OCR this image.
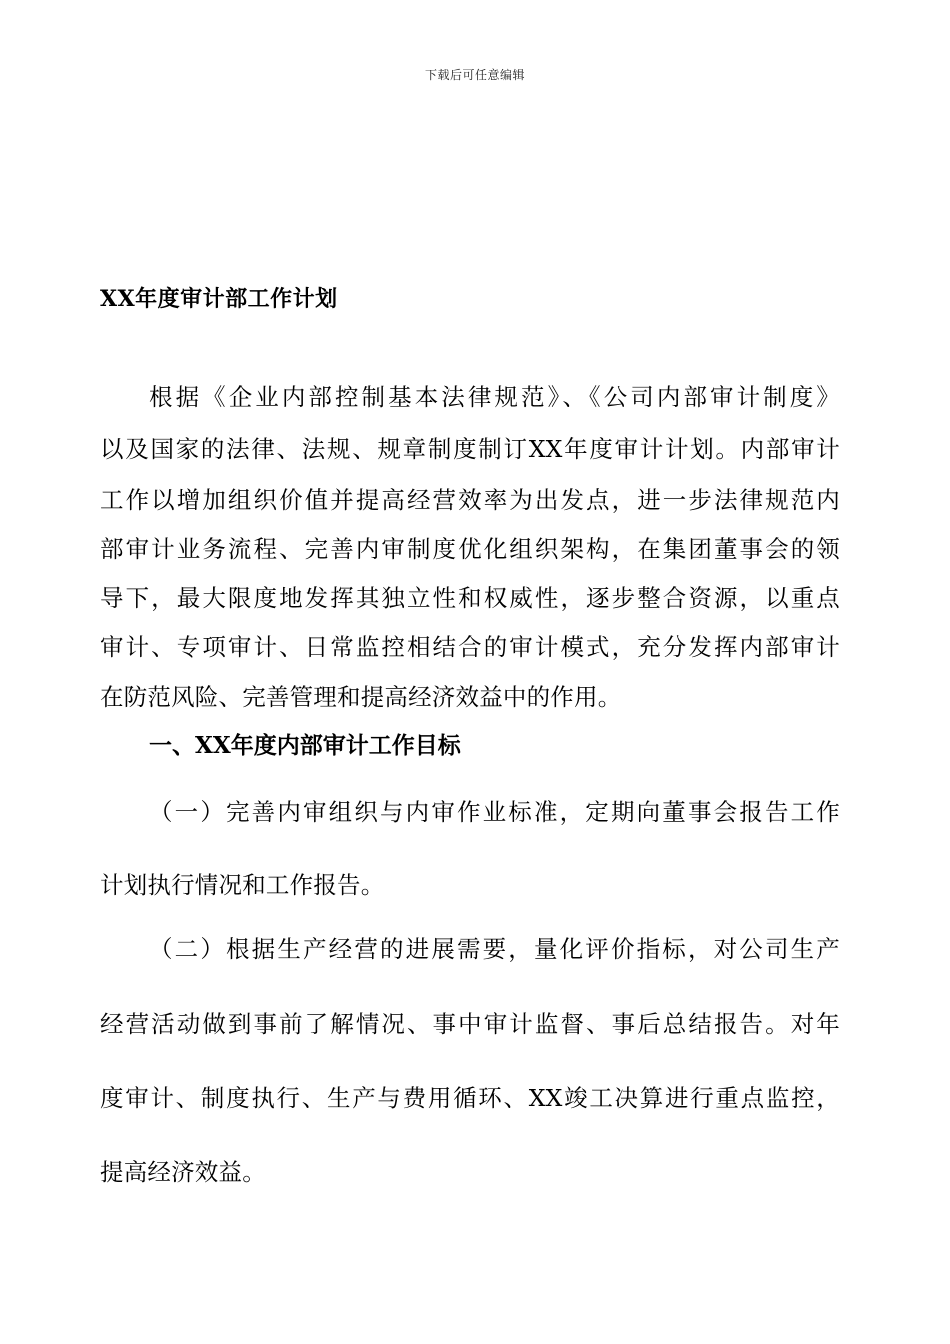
下载后可任意编辑
XX年度审计部工作计划
根据《企业内部控制基本法律规范》、《公司内部审计制度》
以及国家的法律、法规、规章制度制订XX年度审计计划。内部审计
工作以增加组织价值并提高经营效率为出发点，进一步法律规范内
部审计业务流程、完善内审制度优化组织架构，在集团董事会的领
导下，最大限度地发挥其独立性和权威性，逐步整合资源，以重点
审计、专项审计、日常监控相结合的审计模式，充分发挥内部审计
在防范风险、完善管理和提高经济效益中的作用。
一、XX年度内部审计工作目标
（一）完善内审组织与内审作业标准，定期向董事会报告工作
计划执行情况和工作报告。
（二）根据生产经营的进展需要，量化评价指标，对公司生产
经营活动做到事前了解情况、事中审计监督、事后总结报告。对年
度审计、制度执行、生产与费用循环、XX竣工决算进行重点监控，
提高经济效益。
